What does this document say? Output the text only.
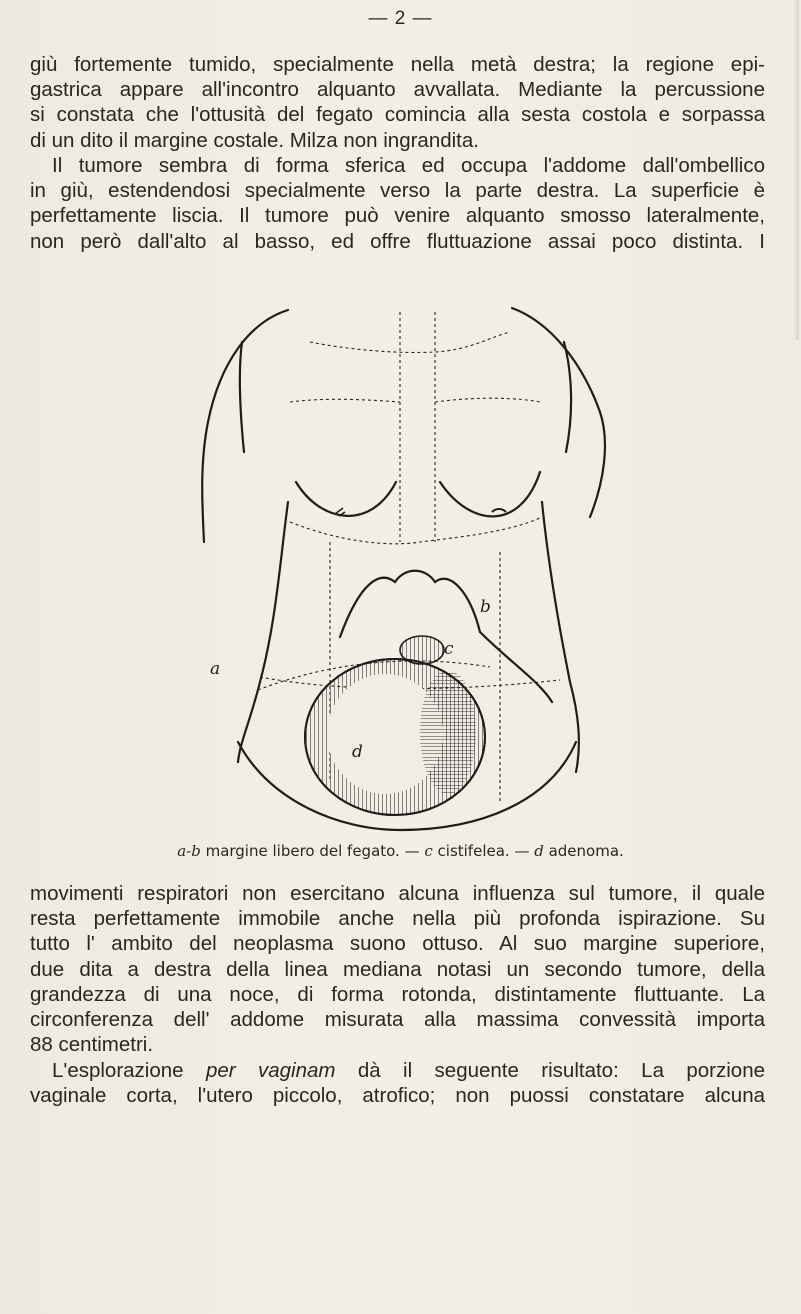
— 2 —
giù fortemente tumido, specialmente nella metà destra; la regione epi-
gastrica appare all'incontro alquanto avvallata. Mediante la percussione
si constata che l'ottusità del fegato comincia alla sesta costola e sorpassa
di un dito il margine costale. Milza non ingrandita.
Il tumore sembra di forma sferica ed occupa l'addome dall'ombellico
in giù, estendendosi specialmente verso la parte destra. La superficie è
perfettamente liscia. Il tumore può venire alquanto smosso lateralmente,
non però dall'alto al basso, ed offre fluttuazione assai poco distinta. I
a
b
c
d
a-b margine libero del fegato. — c cistifelea. — d adenoma.
movimenti respiratori non esercitano alcuna influenza sul tumore, il quale
resta perfettamente immobile anche nella più profonda ispirazione. Su
tutto l' ambito del neoplasma suono ottuso. Al suo margine superiore,
due dita a destra della linea mediana notasi un secondo tumore, della
grandezza di una noce, di forma rotonda, distintamente fluttuante. La
circonferenza dell' addome misurata alla massima convessità importa
88 centimetri.
L'esplorazione per vaginam dà il seguente risultato: La porzione
vaginale corta, l'utero piccolo, atrofico; non puossi constatare alcuna
